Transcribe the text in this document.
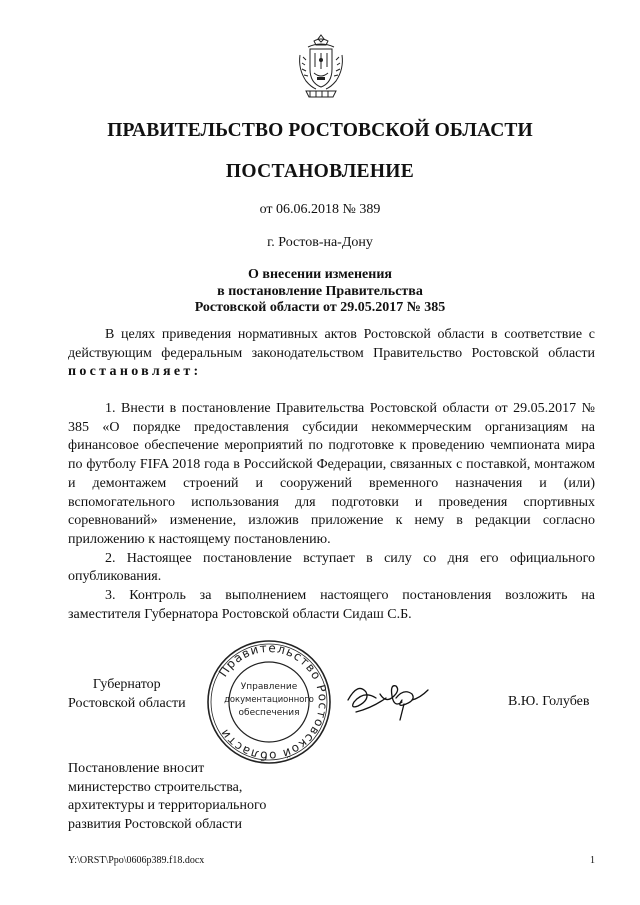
ПРАВИТЕЛЬСТВО РОСТОВСКОЙ ОБЛАСТИ
ПОСТАНОВЛЕНИЕ
от 06.06.2018 № 389
г. Ростов-на-Дону
О внесении изменения
в постановление Правительства
Ростовской области от 29.05.2017 № 385

В целях приведения нормативных актов Ростовской области в соответствие с действующим федеральным законодательством Правительство Ростовской области постановляет:

1. Внести в постановление Правительства Ростовской области от 29.05.2017 № 385 «О порядке предоставления субсидии некоммерческим организациям на финансовое обеспечение мероприятий по подготовке к проведению чемпионата мира по футболу FIFA 2018 года в Российской Федерации, связанных с поставкой, монтажом и демонтажем строений и сооружений временного назначения и (или) вспомогательного использования для подготовки и проведения спортивных соревнований» изменение, изложив приложение к нему в редакции согласно приложению к настоящему постановлению.

2. Настоящее постановление вступает в силу со дня его официального опубликования.

3. Контроль за выполнением настоящего постановления возложить на заместителя Губернатора Ростовской области Сидаш С.Б.

Губернатор
Ростовской области
Правительство Ростовской области
Управление
документационного
обеспечения
В.Ю. Голубев
Постановление вносит
министерство строительства,
архитектуры и территориального
развития Ростовской области
Y:\ORST\Ppo\0606p389.f18.docx	1
